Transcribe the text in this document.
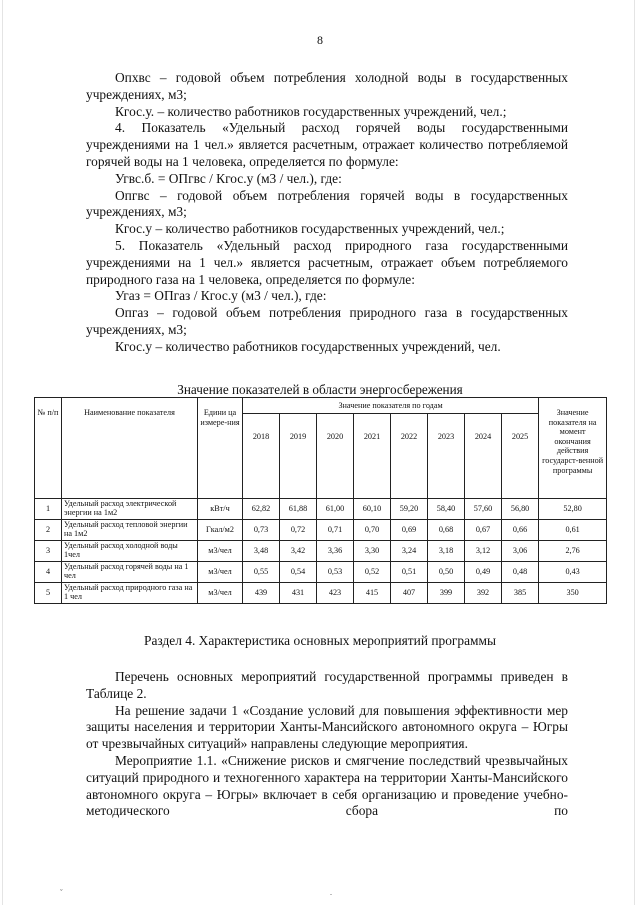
8

Опхвс – годовой объем потребления холодной воды в государственных учреждениях, м3;

Кгос.у. – количество работников государственных учреждений, чел.;

4. Показатель «Удельный расход горячей воды государственными учреждениями на 1 чел.» является расчетным, отражает количество потребляемой горячей воды на 1 человека, определяется по формуле:

Угвс.б. = ОПгвс / Кгос.у (м3 / чел.), где:

Опгвс – годовой объем потребления горячей воды в государственных учреждениях, м3;

Кгос.у – количество работников государственных учреждений, чел.;

5. Показатель «Удельный расход природного газа государственными учреждениями на 1 чел.» является расчетным, отражает объем потребляемого природного газа на 1 человека, определяется по формуле:

Угаз = ОПгаз / Кгос.у (м3 / чел.), где:

Опгаз – годовой объем потребления природного газа в государственных учреждениях, м3;

Кгос.у – количество работников государственных учреждений, чел.

Значение показателей в области энергосбережения
№ п/п	Наименование показателя	Едини ца измере-ния	Значение показателя по годам								Значение показателя на момент окончания действия государст-венной программы
			2018	2019	2020	2021	2022	2023	2024	2025	
1	Удельный расход электрической энергии на 1м2	кВт/ч	62,82	61,88	61,00	60,10	59,20	58,40	57,60	56,80	52,80
2	Удельный расход тепловой энергии на 1м2	Гкал/м2	0,73	0,72	0,71	0,70	0,69	0,68	0,67	0,66	0,61
3	Удельный расход холодной воды 1чел	м3/чел	3,48	3,42	3,36	3,30	3,24	3,18	3,12	3,06	2,76
4	Удельный расход горячей воды на 1 чел	м3/чел	0,55	0,54	0,53	0,52	0,51	0,50	0,49	0,48	0,43
5	Удельный расход природного газа на 1 чел	м3/чел	439	431	423	415	407	399	392	385	350
Раздел 4. Характеристика основных мероприятий программы

Перечень основных мероприятий государственной программы приведен в Таблице 2.

На решение задачи 1 «Создание условий для повышения эффективности мер защиты населения и территории Ханты-Мансийского автономного округа – Югры от чрезвычайных ситуаций» направлены следующие мероприятия.

Мероприятие 1.1. «Снижение рисков и смягчение последствий чрезвычайных ситуаций природного и техногенного характера на территории Ханты-Мансийского автономного округа – Югры» включает в себя организацию и проведение учебно-методического сбора по

ˇ	.
